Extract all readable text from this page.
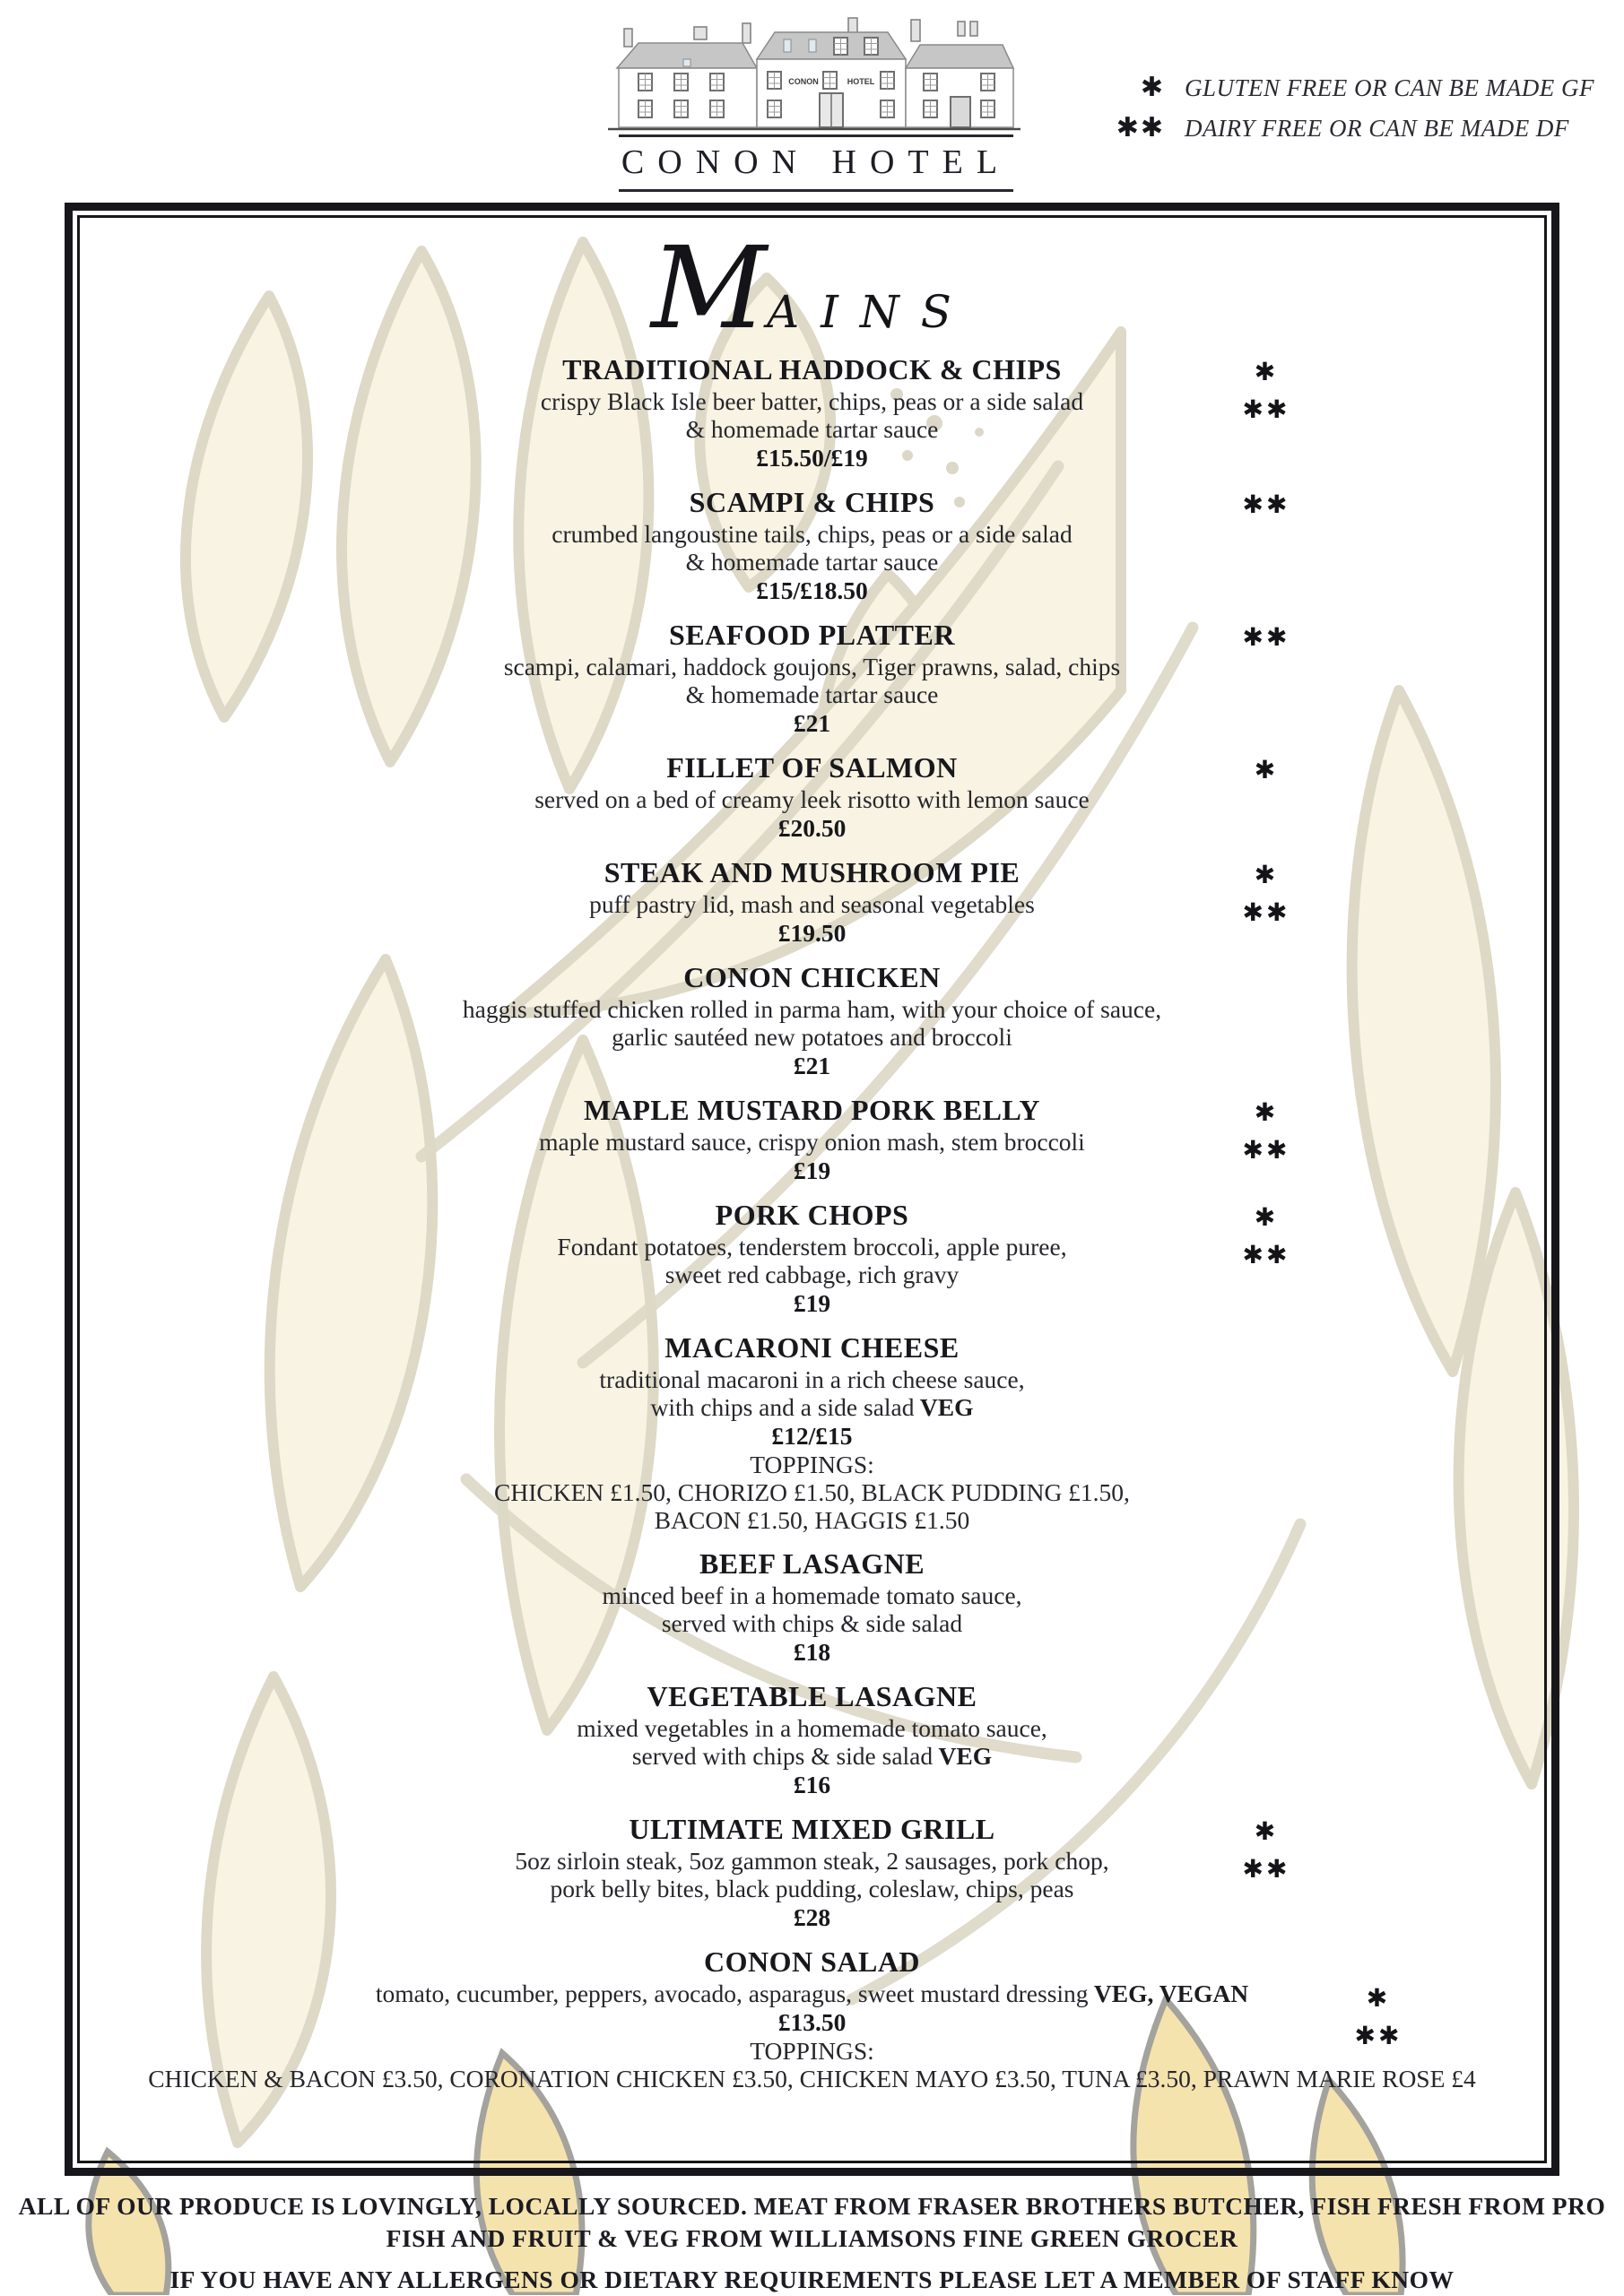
CONON	HOTEL
CONON HOTEL
✱ GLUTEN FREE OR CAN BE MADE GF
✱✱ DAIRY FREE OR CAN BE MADE DF
MAINS
TRADITIONAL HADDOCK & CHIPS
crispy Black Isle beer batter, chips, peas or a side salad
& homemade tartar sauce
£15.50/£19
✱
✱✱
SCAMPI & CHIPS
crumbed langoustine tails, chips, peas or a side salad
& homemade tartar sauce
£15/£18.50
✱✱
SEAFOOD PLATTER
scampi, calamari, haddock goujons, Tiger prawns, salad, chips
& homemade tartar sauce
£21
✱✱
FILLET OF SALMON
served on a bed of creamy leek risotto with lemon sauce
£20.50
✱
STEAK AND MUSHROOM PIE
puff pastry lid, mash and seasonal vegetables
£19.50
✱
✱✱
CONON CHICKEN
haggis stuffed chicken rolled in parma ham, with your choice of sauce,
garlic sautéed new potatoes and broccoli
£21
MAPLE MUSTARD PORK BELLY
maple mustard sauce, crispy onion mash, stem broccoli
£19
✱
✱✱
PORK CHOPS
Fondant potatoes, tenderstem broccoli, apple puree,
sweet red cabbage, rich gravy
£19
✱
✱✱
MACARONI CHEESE
traditional macaroni in a rich cheese sauce,
with chips and a side salad VEG
£12/£15
TOPPINGS:
CHICKEN £1.50, CHORIZO £1.50, BLACK PUDDING £1.50,
BACON £1.50, HAGGIS £1.50
BEEF LASAGNE
minced beef in a homemade tomato sauce,
served with chips & side salad
£18
VEGETABLE LASAGNE
mixed vegetables in a homemade tomato sauce,
served with chips & side salad VEG
£16
ULTIMATE MIXED GRILL
5oz sirloin steak, 5oz gammon steak, 2 sausages, pork chop,
pork belly bites, black pudding, coleslaw, chips, peas
£28
✱
✱✱
CONON SALAD
tomato, cucumber, peppers, avocado, asparagus, sweet mustard dressing VEG, VEGAN
£13.50
TOPPINGS:
CHICKEN & BACON £3.50, CORONATION CHICKEN £3.50, CHICKEN MAYO £3.50, TUNA £3.50, PRAWN MARIE ROSE £4
✱
✱✱
ALL OF OUR PRODUCE IS LOVINGLY, LOCALLY SOURCED. MEAT FROM FRASER BROTHERS BUTCHER, FISH FRESH FROM PRO
FISH AND FRUIT & VEG FROM WILLIAMSONS FINE GREEN GROCER
IF YOU HAVE ANY ALLERGENS OR DIETARY REQUIREMENTS PLEASE LET A MEMBER OF STAFF KNOW
